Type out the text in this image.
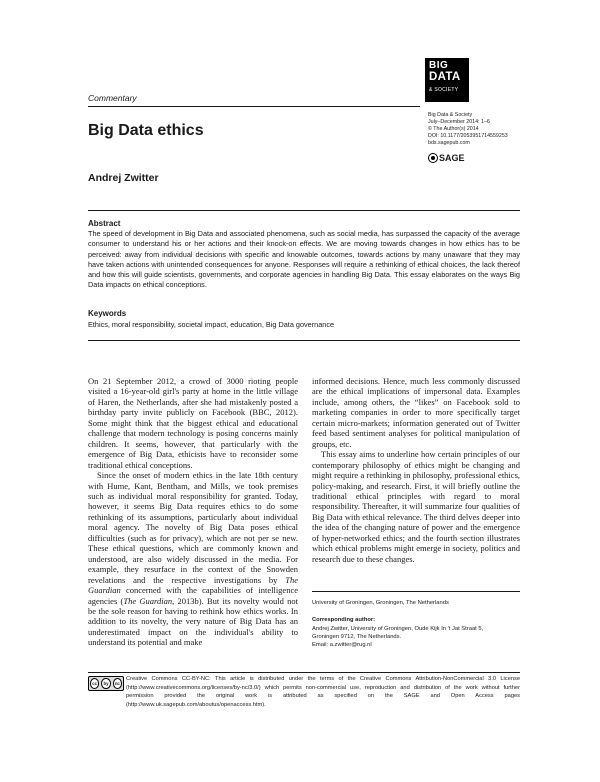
BIG
DATA
& SOCIETY
Commentary
Big Data & Society
July–December 2014: 1–6
© The Author(s) 2014
DOI: 10.1177/2053951714559253
bds.sagepub.com
SAGE
Big Data ethics
Andrej Zwitter
Abstract
The speed of development in Big Data and associated phenomena, such as social media, has surpassed the capacity of the average consumer to understand his or her actions and their knock-on effects. We are moving towards changes in how ethics has to be perceived: away from individual decisions with specific and knowable outcomes, towards actions by many unaware that they may have taken actions with unintended consequences for anyone. Responses will require a rethinking of ethical choices, the lack thereof and how this will guide scientists, governments, and corporate agencies in handling Big Data. This essay elaborates on the ways Big Data impacts on ethical conceptions.
Keywords
Ethics, moral responsibility, societal impact, education, Big Data governance

On 21 September 2012, a crowd of 3000 rioting people visited a 16-year-old girl's party at home in the little village of Haren, the Netherlands, after she had mistakenly posted a birthday party invite publicly on Facebook (BBC, 2012). Some might think that the biggest ethical and educational challenge that modern technology is posing concerns mainly children. It seems, however, that particularly with the emergence of Big Data, ethicists have to reconsider some traditional ethical conceptions.

Since the onset of modern ethics in the late 18th century with Hume, Kant, Bentham, and Mills, we took premises such as individual moral responsibility for granted. Today, however, it seems Big Data requires ethics to do some rethinking of its assumptions, particularly about individual moral agency. The novelty of Big Data poses ethical difficulties (such as for privacy), which are not per se new. These ethical questions, which are commonly known and understood, are also widely discussed in the media. For example, they resurface in the context of the Snowden revelations and the respective investigations by The Guardian concerned with the capabilities of intelligence agencies (The Guardian, 2013b). But its novelty would not be the sole reason for having to rethink how ethics works. In addition to its novelty, the very nature of Big Data has an underestimated impact on the individual's ability to understand its potential and make

informed decisions. Hence, much less commonly discussed are the ethical implications of impersonal data. Examples include, among others, the “likes” on Facebook sold to marketing companies in order to more specifically target certain micro-markets; information generated out of Twitter feed based sentiment analyses for political manipulation of groups, etc.

This essay aims to underline how certain principles of our contemporary philosophy of ethics might be changing and might require a rethinking in philosophy, professional ethics, policy-making, and research. First, it will briefly outline the traditional ethical principles with regard to moral responsibility. Thereafter, it will summarize four qualities of Big Data with ethical relevance. The third delves deeper into the idea of the changing nature of power and the emergence of hyper-networked ethics; and the fourth section illustrates which ethical problems might emerge in society, politics and research due to these changes.

University of Groningen, Groningen, The Netherlands
Corresponding author:
Andrej Zwitter, University of Groningen, Oude Kijk In 't Jat Straat 5,
Groningen 9712, The Netherlands.
Email: a.zwitter@rug.nl
cc	by	nc
Creative Commons CC-BY-NC: This article is distributed under the terms of the Creative Commons Attribution-NonCommercial 3.0 License (http://www.creativecommons.org/licenses/by-nc/3.0/) which permits non-commercial use, reproduction and distribution of the work without further permission provided the original work is attributed as specified on the SAGE and Open Access pages (http://www.uk.sagepub.com/aboutus/openaccess.htm).
